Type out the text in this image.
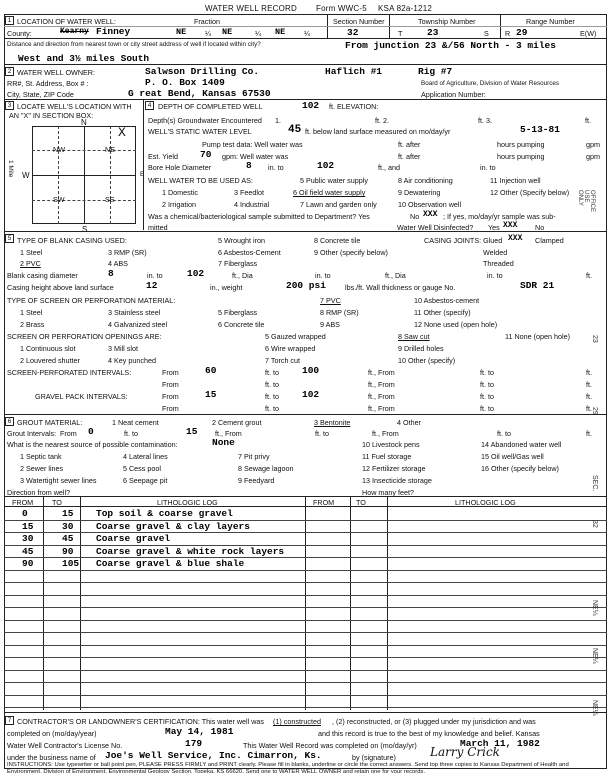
WATER WELL RECORD Form WWC-5 KSA 82a-1212
1 LOCATION OF WATER WELL:
County:	Kearny Finney
Fraction
NE	¼ NE	¼ NE	¼
Section Number
32
Township Number
T	23	S
Range Number
R 29	E(W)
Distance and direction from nearest town or city street address of well if located within city?	From junction 23 &/56 North - 3 miles
West and 3½ miles South
2 WATER WELL OWNER:	Salwson Drilling Co.	Haflich #1	Rig #7
RR#, St. Address, Box # :	P. O. Box 1409	Board of Agriculture, Division of Water Resources
City, State, ZIP Code	G reat Bend, Kansas 67530	Application Number:
3 LOCATE WELL'S LOCATION WITH
AN "X" IN SECTION BOX:
N
S
E
W
NW	NE
SW	SE
X
1 Mile
4 DEPTH OF COMPLETED WELL	102 ft. ELEVATION:
Depth(s) Groundwater Encountered 1.	ft. 2.	ft. 3.	ft.
WELL'S STATIC WATER LEVEL	45 ft. below land surface measured on mo/day/yr	5-13-81
Pump test data: Well water was	ft. after	hours pumping	gpm
Est. Yield 70 gpm: Well water was	ft. after	hours pumping	gpm
Bore Hole Diameter	8 in. to	102	ft., and	in. to
WELL WATER TO BE USED AS:
1 Domestic
2 Irrigation
3 Feedlot
4 Industrial
5 Public water supply
6 Oil field water supply
7 Lawn and garden only
8 Air conditioning
9 Dewatering
10 Observation well
11 Injection well
12 Other (Specify below)
Was a chemical/bacteriological sample submitted to Department? Yes	No XXX ; If yes, mo/day/yr sample was sub-
mitted	Water Well Disinfected? Yes XXX No
5 TYPE OF BLANK CASING USED:
1 Steel
2 PVC
3 RMP (SR)
4 ABS
5 Wrought iron
6 Asbestos-Cement
7 Fiberglass
8 Concrete tile
9 Other (specify below)
CASING JOINTS: Glued XXX Clamped
Welded
Threaded
Blank casing diameter	8	in. to	102	ft., Dia	in. to	ft., Dia	in. to	ft.
Casing height above land surface	12	in., weight	200 psi	lbs./ft. Wall thickness or gauge No.	SDR 21
TYPE OF SCREEN OR PERFORATION MATERIAL:
1 Steel
2 Brass
3 Stainless steel
4 Galvanized steel
5 Fiberglass
6 Concrete tile
7 PVC
8 RMP (SR)
9 ABS
10 Asbestos-cement
11 Other (specify)
12 None used (open hole)
SCREEN OR PERFORATION OPENINGS ARE:
1 Continuous slot
2 Louvered shutter
3 Mill slot
4 Key punched
5 Gauzed wrapped
6 Wire wrapped
7 Torch cut
8 Saw cut
9 Drilled holes
10 Other (specify)
11 None (open hole)
SCREEN-PERFORATED INTERVALS:	From	60	ft. to 100	ft., From	ft. to	ft.
From	ft. to	ft., From	ft. to	ft.
GRAVEL PACK INTERVALS:	From	15	ft. to 102	ft., From	ft. to	ft.
From	ft. to	ft., From	ft. to	ft.
6 GROUT MATERIAL:	1 Neat cement	2 Cement grout	3 Bentonite	4 Other
Grout Intervals: From 0	ft. to	15 ft., From	ft. to	ft., From	ft. to	ft.
What is the nearest source of possible contamination:	None
1 Septic tank
2 Sewer lines
3 Watertight sewer lines
4 Lateral lines
5 Cess pool
6 Seepage pit
7 Pit privy
8 Sewage lagoon
9 Feedyard
10 Livestock pens
11 Fuel storage
12 Fertilizer storage
13 Insecticide storage
14 Abandoned water well
15 Oil well/Gas well
16 Other (specify below)
Direction from well?	How many feet?
FROM	TO	LITHOLOGIC LOG	FROM	TO	LITHOLOGIC LOG
0	15 Top soil & coarse gravel
15	30 Coarse gravel & clay layers
30	45 Coarse gravel
45	90 Coarse gravel & white rock layers
90	105 Coarse gravel & blue shale
7 CONTRACTOR'S OR LANDOWNER'S CERTIFICATION: This water well was (1) constructed , (2) reconstructed, or (3) plugged under my jurisdiction and was
completed on (mo/day/year)	May 14, 1981	and this record is true to the best of my knowledge and belief. Kansas
Water Well Contractor's License No.	179	This Water Well Record was completed on (mo/day/yr)	March 11, 1982
under the business name of Joe's Well Service, Inc. Cimarron, Ks.	by (signature)	Larry Crick
INSTRUCTIONS: Use typewriter or ball point pen, PLEASE PRESS FIRMLY and PRINT clearly. Please fill in blanks, underline or circle the correct answers. Send top three copies to Kansas Department of Health and Environment, Division of Environment, Environmental Geology Section, Topeka, KS 66620. Send one to WATER WELL OWNER and retain one for your records.
OFFICE USE ONLY
23
29
SEC.
32
NE¼
NE¼
NE¼
